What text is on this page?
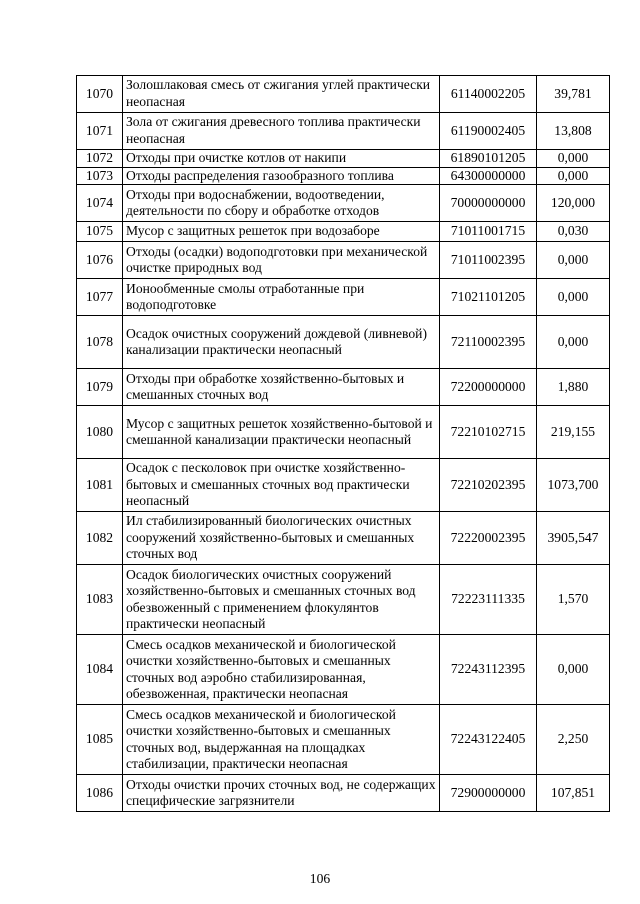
1070	Золошлаковая смесь от сжигания углей практически неопасная	61140002205	39,781
1071	Зола от сжигания древесного топлива практически неопасная	61190002405	13,808
1072	Отходы при очистке котлов от накипи	61890101205	0,000
1073	Отходы распределения газообразного топлива	64300000000	0,000
1074	Отходы при водоснабжении, водоотведении, деятельности по сбору и обработке отходов	70000000000	120,000
1075	Мусор с защитных решеток при водозаборе	71011001715	0,030
1076	Отходы (осадки) водоподготовки при механической очистке природных вод	71011002395	0,000
1077	Ионообменные смолы отработанные при водоподготовке	71021101205	0,000
1078	Осадок очистных сооружений дождевой (ливневой) канализации практически неопасный	72110002395	0,000
1079	Отходы при обработке хозяйственно-бытовых и смешанных сточных вод	72200000000	1,880
1080	Мусор с защитных решеток хозяйственно-бытовой и смешанной канализации практически неопасный	72210102715	219,155
1081	Осадок с песколовок при очистке хозяйственно-бытовых и смешанных сточных вод практически неопасный	72210202395	1073,700
1082	Ил стабилизированный биологических очистных сооружений хозяйственно-бытовых и смешанных сточных вод	72220002395	3905,547
1083	Осадок биологических очистных сооружений хозяйственно-бытовых и смешанных сточных вод обезвоженный с применением флокулянтов практически неопасный	72223111335	1,570
1084	Смесь осадков механической и биологической очистки хозяйственно-бытовых и смешанных сточных вод аэробно стабилизированная, обезвоженная, практически неопасная	72243112395	0,000
1085	Смесь осадков механической и биологической очистки хозяйственно-бытовых и смешанных сточных вод, выдержанная на площадках стабилизации, практически неопасная	72243122405	2,250
1086	Отходы очистки прочих сточных вод, не содержащих специфические загрязнители	72900000000	107,851
106
